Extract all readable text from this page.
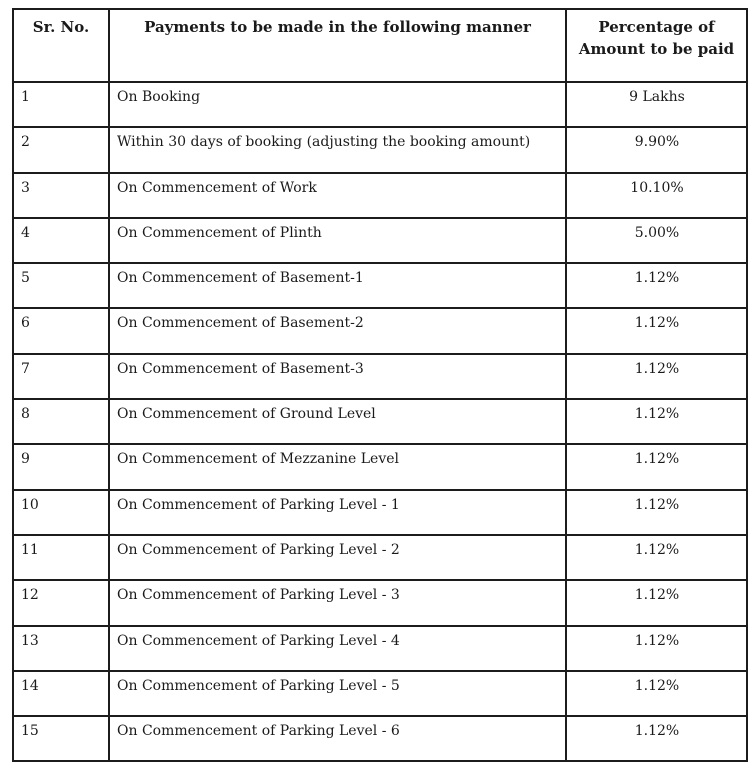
Sr. No.	Payments to be made in the following manner	Percentage of
Amount to be paid

1	On Booking	9 Lakhs
2	Within 30 days of booking (adjusting the booking amount)	9.90%
3	On Commencement of Work	10.10%
4	On Commencement of Plinth	5.00%
5	On Commencement of Basement-1	1.12%
6	On Commencement of Basement-2	1.12%
7	On Commencement of Basement-3	1.12%
8	On Commencement of Ground Level	1.12%
9	On Commencement of Mezzanine Level	1.12%
10	On Commencement of Parking Level - 1	1.12%
11	On Commencement of Parking Level - 2	1.12%
12	On Commencement of Parking Level - 3	1.12%
13	On Commencement of Parking Level - 4	1.12%
14	On Commencement of Parking Level - 5	1.12%
15	On Commencement of Parking Level - 6	1.12%
